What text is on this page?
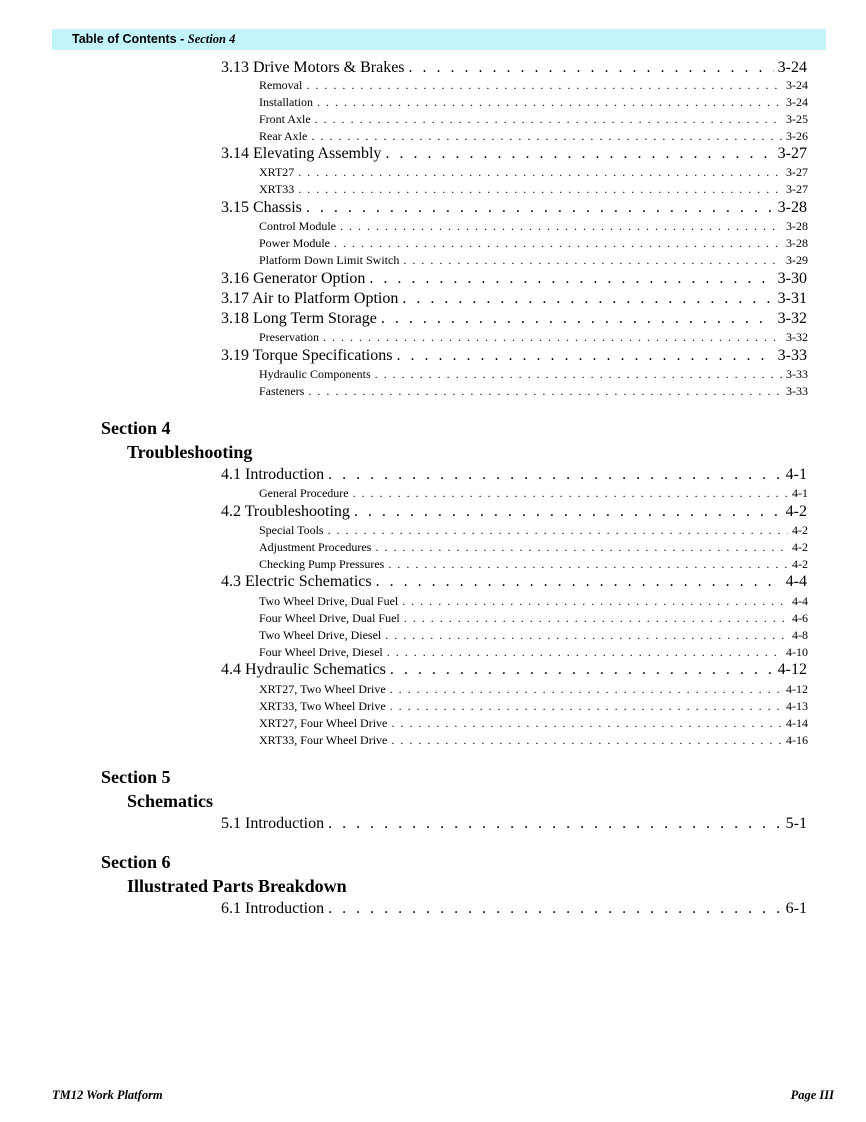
Table of Contents - Section 4
3.13 Drive Motors & Brakes . . .	3-24
Removal . . .	3-24
Installation . . .	3-24
Front Axle . . .	3-25
Rear Axle . . .	3-26
3.14 Elevating Assembly . . .	3-27
XRT27 . . .	3-27
XRT33 . . .	3-27
3.15 Chassis . . .	3-28
Control Module . . .	3-28
Power Module . . .	3-28
Platform Down Limit Switch . . .	3-29
3.16 Generator Option . . .	3-30
3.17 Air to Platform Option . . .	3-31
3.18 Long Term Storage . . .	3-32
Preservation . . .	3-32
3.19 Torque Specifications . . .	3-33
Hydraulic Components . . .	3-33
Fasteners . . .	3-33
Section 4
Troubleshooting
4.1 Introduction . . .	4-1
General Procedure . . .	4-1
4.2 Troubleshooting . . .	4-2
Special Tools . . .	4-2
Adjustment Procedures . . .	4-2
Checking Pump Pressures . . .	4-2
4.3 Electric Schematics . . .	4-4
Two Wheel Drive, Dual Fuel . . .	4-4
Four Wheel Drive, Dual Fuel . . .	4-6
Two Wheel Drive, Diesel . . .	4-8
Four Wheel Drive, Diesel . . .	4-10
4.4 Hydraulic Schematics . . .	4-12
XRT27, Two Wheel Drive . . .	4-12
XRT33, Two Wheel Drive . . .	4-13
XRT27, Four Wheel Drive . . .	4-14
XRT33, Four Wheel Drive . . .	4-16
Section 5
Schematics
5.1 Introduction . . .	5-1
Section 6
Illustrated Parts Breakdown
6.1 Introduction . . .	6-1
TM12 Work Platform	Page III
